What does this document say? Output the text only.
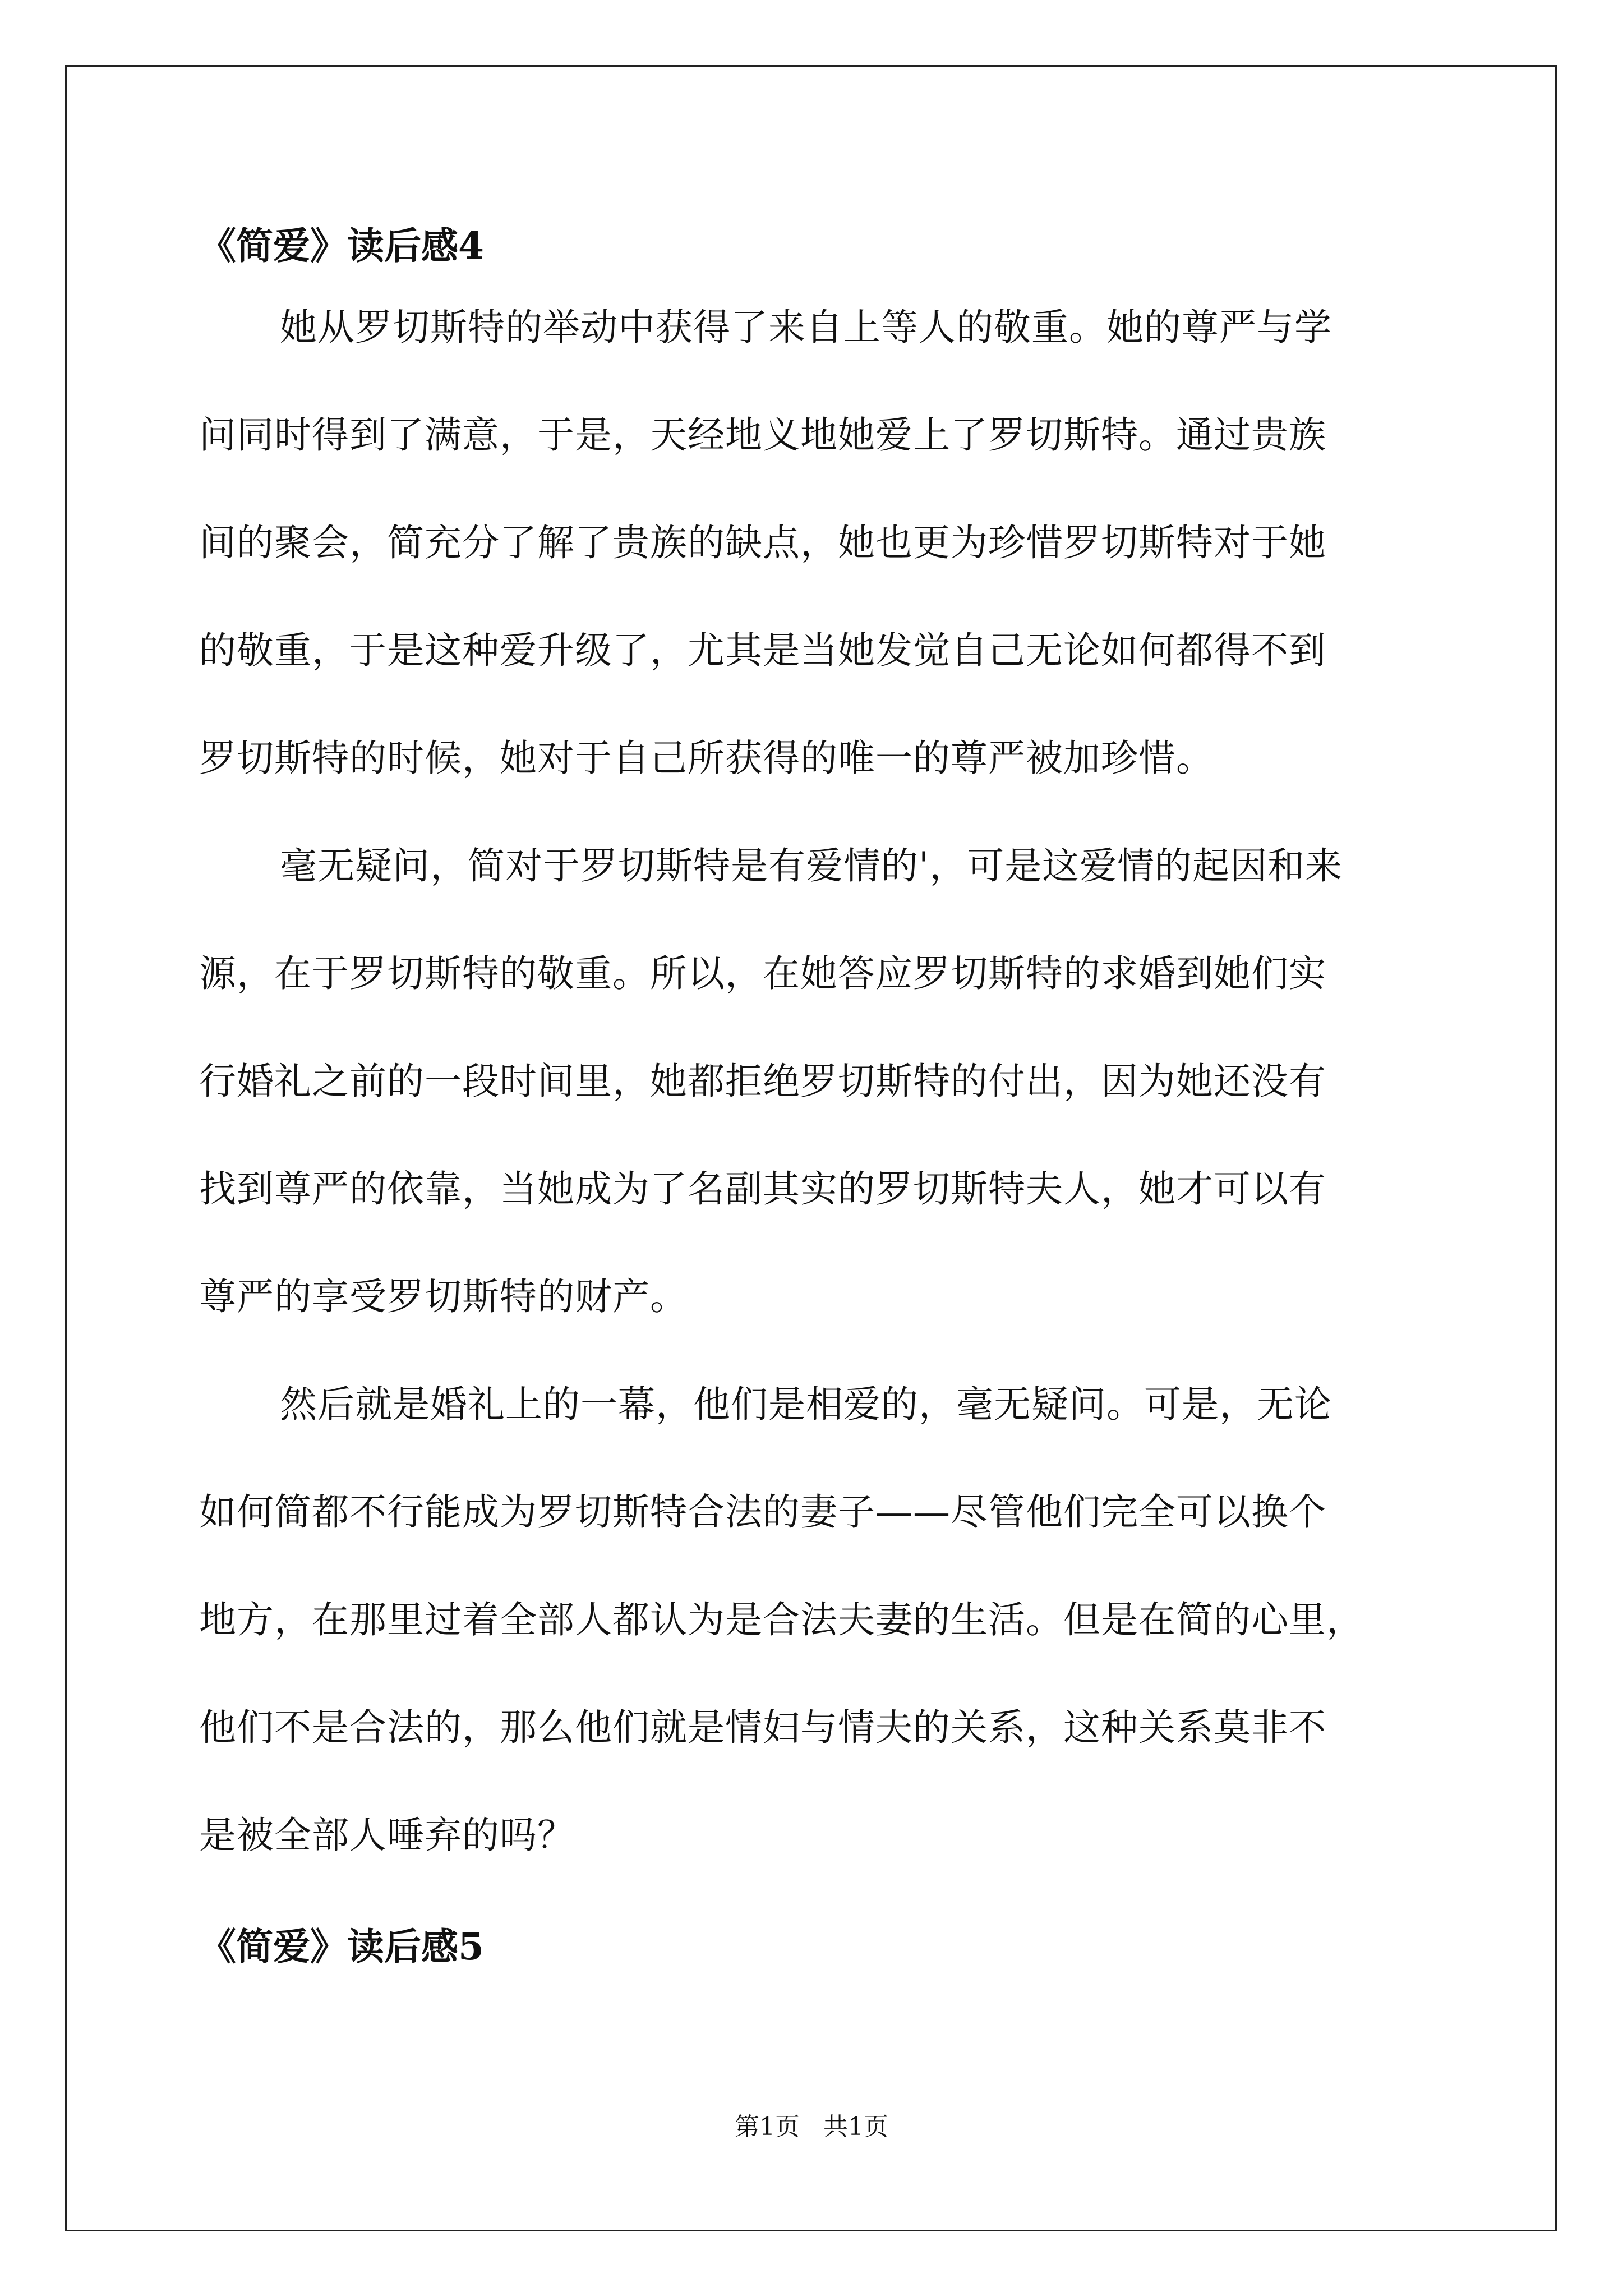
《简爱》读后感4
她从罗切斯特的举动中获得了来自上等人的敬重。她的尊严与学
问同时得到了满意，于是，天经地义地她爱上了罗切斯特。通过贵族
间的聚会，简充分了解了贵族的缺点，她也更为珍惜罗切斯特对于她
的敬重，于是这种爱升级了，尤其是当她发觉自己无论如何都得不到
罗切斯特的时候，她对于自己所获得的唯一的尊严被加珍惜。
毫无疑问，简对于罗切斯特是有爱情的'，可是这爱情的起因和来
源，在于罗切斯特的敬重。所以，在她答应罗切斯特的求婚到她们实
行婚礼之前的一段时间里，她都拒绝罗切斯特的付出，因为她还没有
找到尊严的依靠，当她成为了名副其实的罗切斯特夫人，她才可以有
尊严的享受罗切斯特的财产。
然后就是婚礼上的一幕，他们是相爱的，毫无疑问。可是，无论
如何简都不行能成为罗切斯特合法的妻子——尽管他们完全可以换个
地方，在那里过着全部人都认为是合法夫妻的生活。但是在简的心里，
他们不是合法的，那么他们就是情妇与情夫的关系，这种关系莫非不
是被全部人唾弃的吗？
《简爱》读后感5
第1页   共1页
